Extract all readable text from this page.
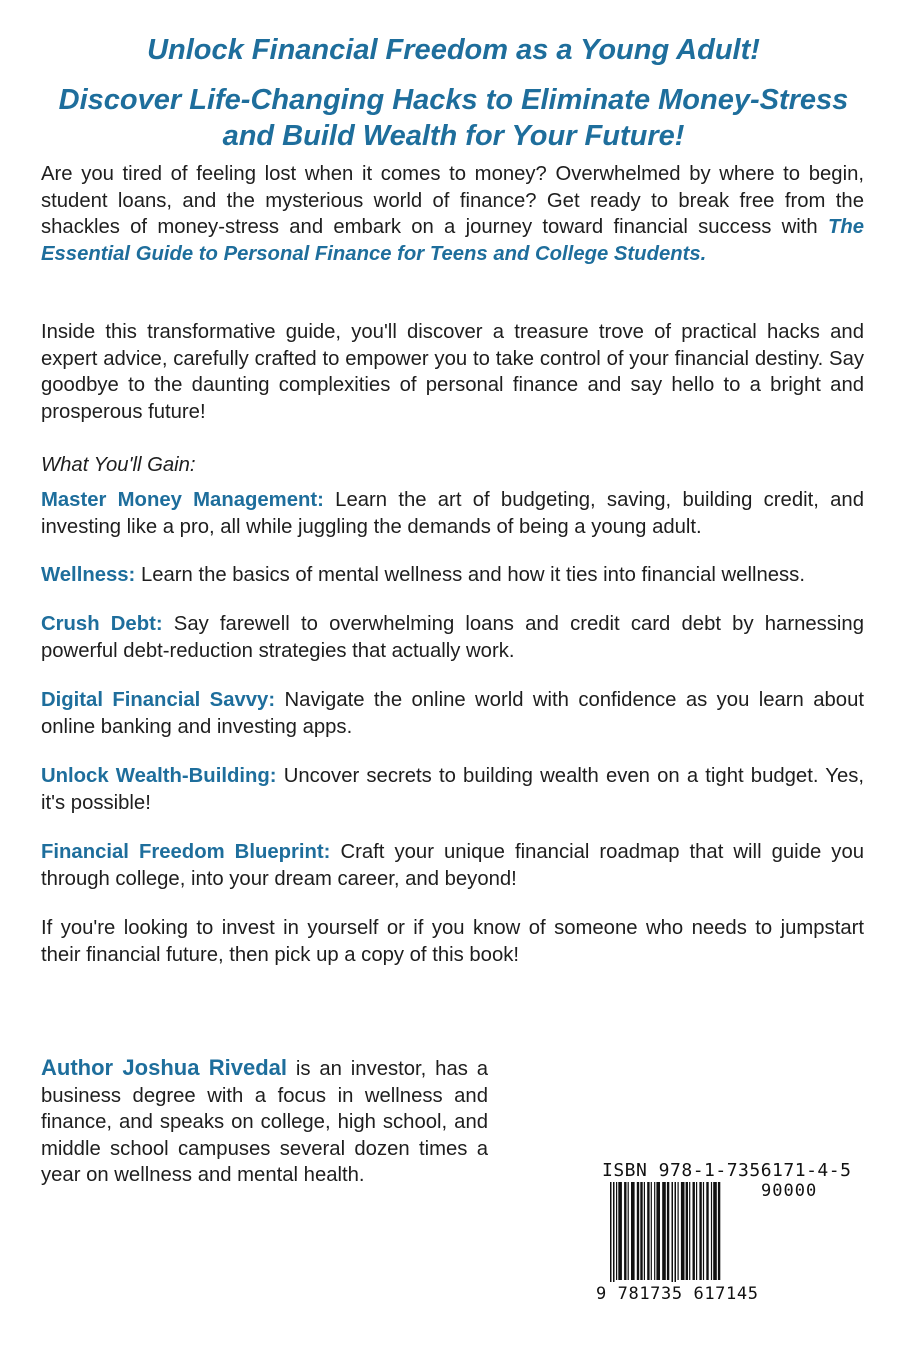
Unlock Financial Freedom as a Young Adult!
Discover Life-Changing Hacks to Eliminate Money-Stress
and Build Wealth for Your Future!

Are you tired of feeling lost when it comes to money? Overwhelmed by where to begin, student loans, and the mysterious world of finance? Get ready to break free from the shackles of money-stress and embark on a journey toward financial success with The Essential Guide to Personal Finance for Teens and College Students.

Inside this transformative guide, you'll discover a treasure trove of practical hacks and expert advice, carefully crafted to empower you to take control of your financial destiny. Say goodbye to the daunting complexities of personal finance and say hello to a bright and prosperous future!

What You'll Gain:

Master Money Management: Learn the art of budgeting, saving, building credit, and investing like a pro, all while juggling the demands of being a young adult.

Wellness: Learn the basics of mental wellness and how it ties into financial wellness.

Crush Debt: Say farewell to overwhelming loans and credit card debt by harnessing powerful debt-reduction strategies that actually work.

Digital Financial Savvy: Navigate the online world with confidence as you learn about online banking and investing apps.

Unlock Wealth-Building: Uncover secrets to building wealth even on a tight budget. Yes, it's possible!

Financial Freedom Blueprint: Craft your unique financial roadmap that will guide you through college, into your dream career, and beyond!

If you're looking to invest in yourself or if you know of someone who needs to jumpstart their financial future, then pick up a copy of this book!

Author Joshua Rivedal is an investor, has a business degree with a focus in wellness and finance, and speaks on college, high school, and middle school campuses several dozen times a year on wellness and mental health.	ISBN 978-1-7356171-4-5
90000
9 781735 617145
